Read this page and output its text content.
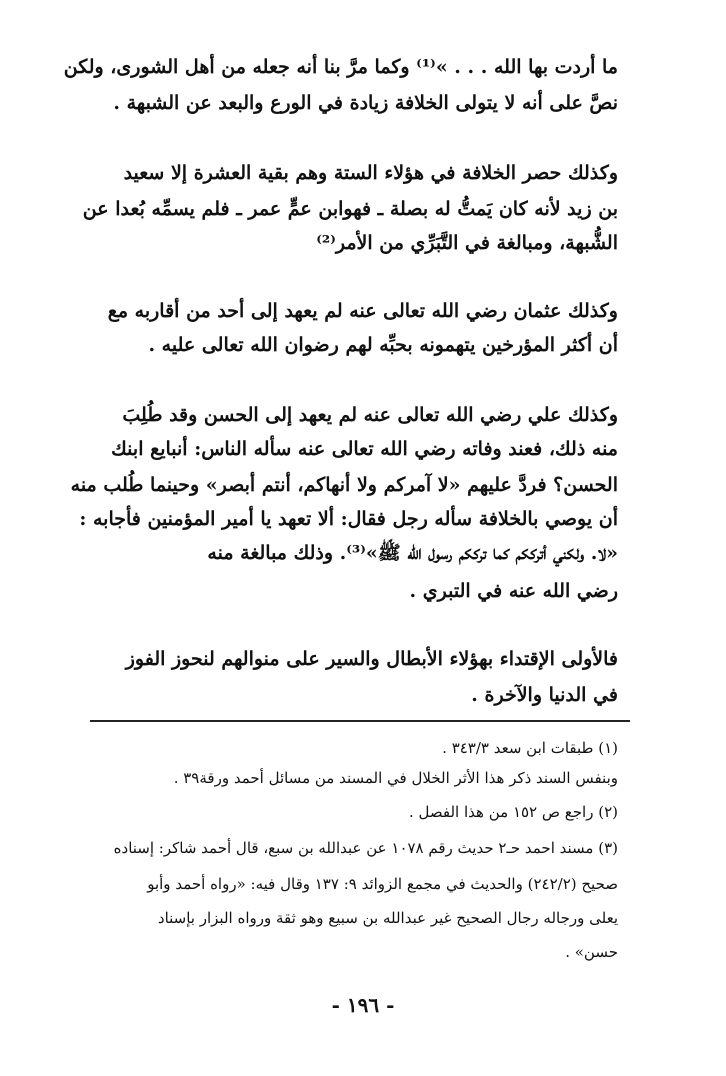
ما أردت بها الله . . . »⁽¹⁾ وكما مرَّ بنا أنه جعله من أهل الشورى، ولكن
نصَّ على أنه لا يتولى الخلافة زيادة في الورع والبعد عن الشبهة .
وكذلك حصر الخلافة في هؤلاء الستة وهم بقية العشرة إلا سعيد
بن زيد لأنه كان يَمتُّ له بصلة ـ فهوابن عمٍّ عمر ـ فلم يسمِّه بُعدا عن
الشُّبهة، ومبالغة في التَّبَرِّي من الأمر⁽²⁾
وكذلك عثمان رضي الله تعالى عنه لم يعهد إلى أحد من أقاربه مع
أن أكثر المؤرخين يتهمونه بحبِّه لهم رضوان الله تعالى عليه .
وكذلك علي رضي الله تعالى عنه لم يعهد إلى الحسن وقد طُلِبَ
منه ذلك، فعند وفاته رضي الله تعالى عنه سأله الناس: أنبايع ابنك
الحسن؟ فردَّ عليهم «لا آمركم ولا أنهاكم، أنتم أبصر» وحينما طُلب منه
أن يوصي بالخلافة سأله رجل فقال: ألا تعهد يا أمير المؤمنين فأجابه :
«لا. ولكني أترككم كما ترككم رسول الله ﷺ»⁽³⁾. وذلك مبالغة منه
رضي الله عنه في التبري .
فالأولى الإقتداء بهؤلاء الأبطال والسير على منوالهم لنحوز الفوز
في الدنيا والآخرة .
(١) طبقات ابن سعد ٣٤٣/٣ .
وبنفس السند ذكر هذا الأثر الخلال في المسند من مسائل أحمد ورقة٣٩ .
(٢) راجع ص ١٥٢ من هذا الفصل .
(٣) مسند احمد حـ٢ حديث رقم ١٠٧٨ عن عبدالله بن سبع، قال أحمد شاكر: إسناده
صحيح (٢٤٢/٢) والحديث في مجمع الزوائد ٩: ١٣٧ وقال فيه: «رواه أحمد وأبو
يعلى ورجاله رجال الصحيح غير عبدالله بن سبيع وهو ثقة ورواه البزار بإسناد
حسن» .
- ١٩٦ -
